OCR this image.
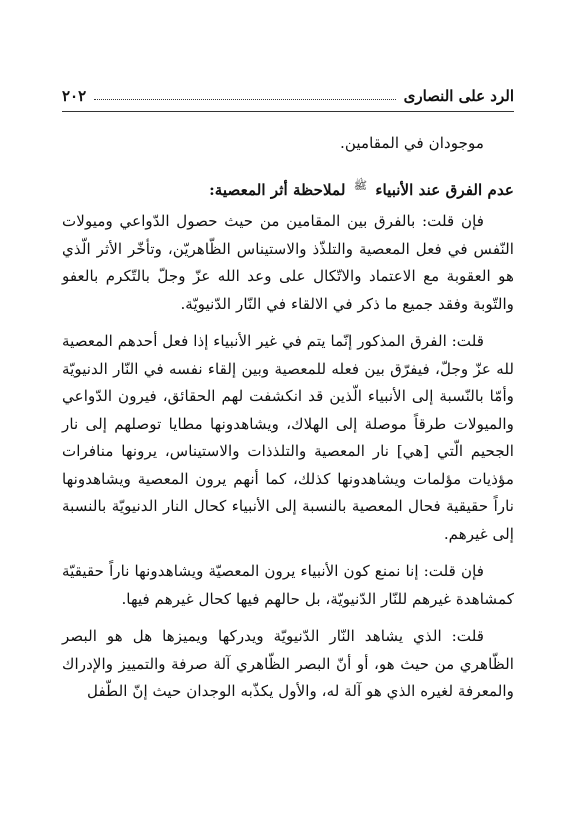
٢٠٢	الرد على النصارى

موجودان في المقامين.

عدم الفرق عند الأنبياء $^ﷺ$ لملاحظة أثر المعصية:

فإن قلت: بالفرق بين المقامين من حيث حصول الدّواعي وميولات النّفس في فعل المعصية والتلذّذ والاستيناس الظّاهريّن، وتأخّر الأثر الّذي هو العقوبة مع الاعتماد والاتّكال على وعد الله عزّ وجلّ بالتّكرم بالعفو والتّوبة وفقد جميع ما ذكر في الالقاء في النّار الدّنيويّة.

قلت: الفرق المذكور إنّما يتم في غير الأنبياء إذا فعل أحدهم المعصية لله عزّ وجلّ، فيفرّق بين فعله للمعصية وبين إلقاء نفسه في النّار الدنيويّة وأمّا بالنّسبة إلى الأنبياء الّذين قد انكشفت لهم الحقائق، فيرون الدّواعي والميولات طرقاً موصلة إلى الهلاك، ويشاهدونها مطايا توصلهم إلى نار الجحيم الّتي [هي] نار المعصية والتلذذات والاستيناس، يرونها منافرات مؤذيات مؤلمات ويشاهدونها كذلك، كما أنهم يرون المعصية ويشاهدونها ناراً حقيقية فحال المعصية بالنسبة إلى الأنبياء كحال النار الدنيويّة بالنسبة إلى غيرهم.

فإن قلت: إنا نمنع كون الأنبياء يرون المعصيّة ويشاهدونها ناراً حقيقيّة كمشاهدة غيرهم للنّار الدّنيويّة، بل حالهم فيها كحال غيرهم فيها.

قلت: الذي يشاهد النّار الدّنيويّة ويدركها ويميزها هل هو البصر الظّاهري من حيث هو، أو أنّ البصر الظّاهري آلة صرفة والتمييز والإدراك والمعرفة لغيره الذي هو آلة له، والأول يكذّبه الوجدان حيث إنّ الطّفل
